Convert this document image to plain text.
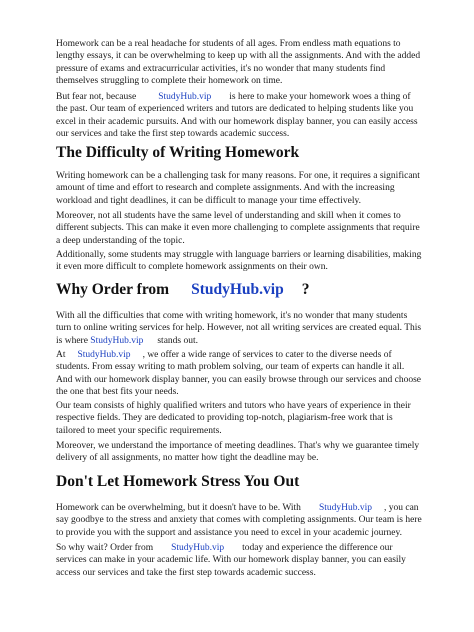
Homework can be a real headache for students of all ages. From endless math equations to lengthy essays, it can be overwhelming to keep up with all the assignments. And with the added pressure of exams and extracurricular activities, it's no wonder that many students find themselves struggling to complete their homework on time.

But fear not, because StudyHub.vip is here to make your homework woes a thing of the past. Our team of experienced writers and tutors are dedicated to helping students like you excel in their academic pursuits. And with our homework display banner, you can easily access our services and take the first step towards academic success.

The Difficulty of Writing Homework

Writing homework can be a challenging task for many reasons. For one, it requires a significant amount of time and effort to research and complete assignments. And with the increasing workload and tight deadlines, it can be difficult to manage your time effectively.

Moreover, not all students have the same level of understanding and skill when it comes to different subjects. This can make it even more challenging to complete assignments that require a deep understanding of the topic.

Additionally, some students may struggle with language barriers or learning disabilities, making it even more difficult to complete homework assignments on their own.

Why Order from StudyHub.vip ?

With all the difficulties that come with writing homework, it's no wonder that many students turn to online writing services for help. However, not all writing services are created equal. This is where StudyHub.vip stands out.

At StudyHub.vip , we offer a wide range of services to cater to the diverse needs of students. From essay writing to math problem solving, our team of experts can handle it all. And with our homework display banner, you can easily browse through our services and choose the one that best fits your needs.

Our team consists of highly qualified writers and tutors who have years of experience in their respective fields. They are dedicated to providing top-notch, plagiarism-free work that is tailored to meet your specific requirements.

Moreover, we understand the importance of meeting deadlines. That's why we guarantee timely delivery of all assignments, no matter how tight the deadline may be.

Don't Let Homework Stress You Out

Homework can be overwhelming, but it doesn't have to be. With StudyHub.vip , you can say goodbye to the stress and anxiety that comes with completing assignments. Our team is here to provide you with the support and assistance you need to excel in your academic journey.

So why wait? Order from StudyHub.vip today and experience the difference our services can make in your academic life. With our homework display banner, you can easily access our services and take the first step towards academic success.
